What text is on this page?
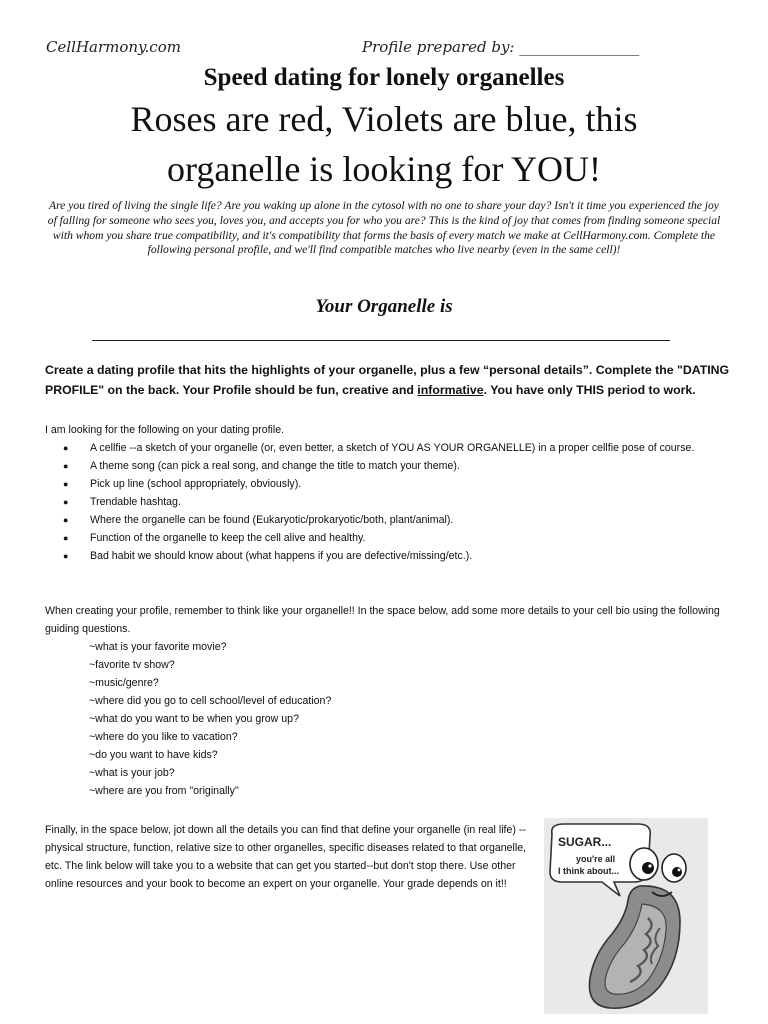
CellHarmony.com	Profile prepared by: ________________
Speed dating for lonely organelles
Roses are red, Violets are blue, this
organelle is looking for YOU!
Are you tired of living the single life? Are you waking up alone in the cytosol with no one to share your day? Isn't it time you experienced the joy of falling for someone who sees you, loves you, and accepts you for who you are? This is the kind of joy that comes from finding someone special with whom you share true compatibility, and it's compatibility that forms the basis of every match we make at CellHarmony.com. Complete the following personal profile, and we'll find compatible matches who live nearby (even in the same cell)!
Your Organelle is
Create a dating profile that hits the highlights of your organelle, plus a few “personal details”. Complete the "DATING PROFILE" on the back. Your Profile should be fun, creative and informative. You have only THIS period to work.
I am looking for the following on your dating profile.
● A cellfie --a sketch of your organelle (or, even better, a sketch of YOU AS YOUR ORGANELLE) in a proper cellfie pose of course.
● A theme song (can pick a real song, and change the title to match your theme).
● Pick up line (school appropriately, obviously).
● Trendable hashtag.
● Where the organelle can be found (Eukaryotic/prokaryotic/both, plant/animal).
● Function of the organelle to keep the cell alive and healthy.
● Bad habit we should know about (what happens if you are defective/missing/etc.).
When creating your profile, remember to think like your organelle!! In the space below, add some more details to your cell bio using the following guiding questions.
~what is your favorite movie?
~favorite tv show?
~music/genre?
~where did you go to cell school/level of education?
~what do you want to be when you grow up?
~where do you like to vacation?
~do you want to have kids?
~what is your job?
~where are you from "originally"
Finally, in the space below, jot down all the details you can find that define your organelle (in real life) --physical structure, function, relative size to other organelles, specific diseases related to that organelle, etc. The link below will take you to a website that can get you started--but don't stop there. Use other online resources and your book to become an expert on your organelle. Your grade depends on it!!
SUGAR...
you're all
I think about...
